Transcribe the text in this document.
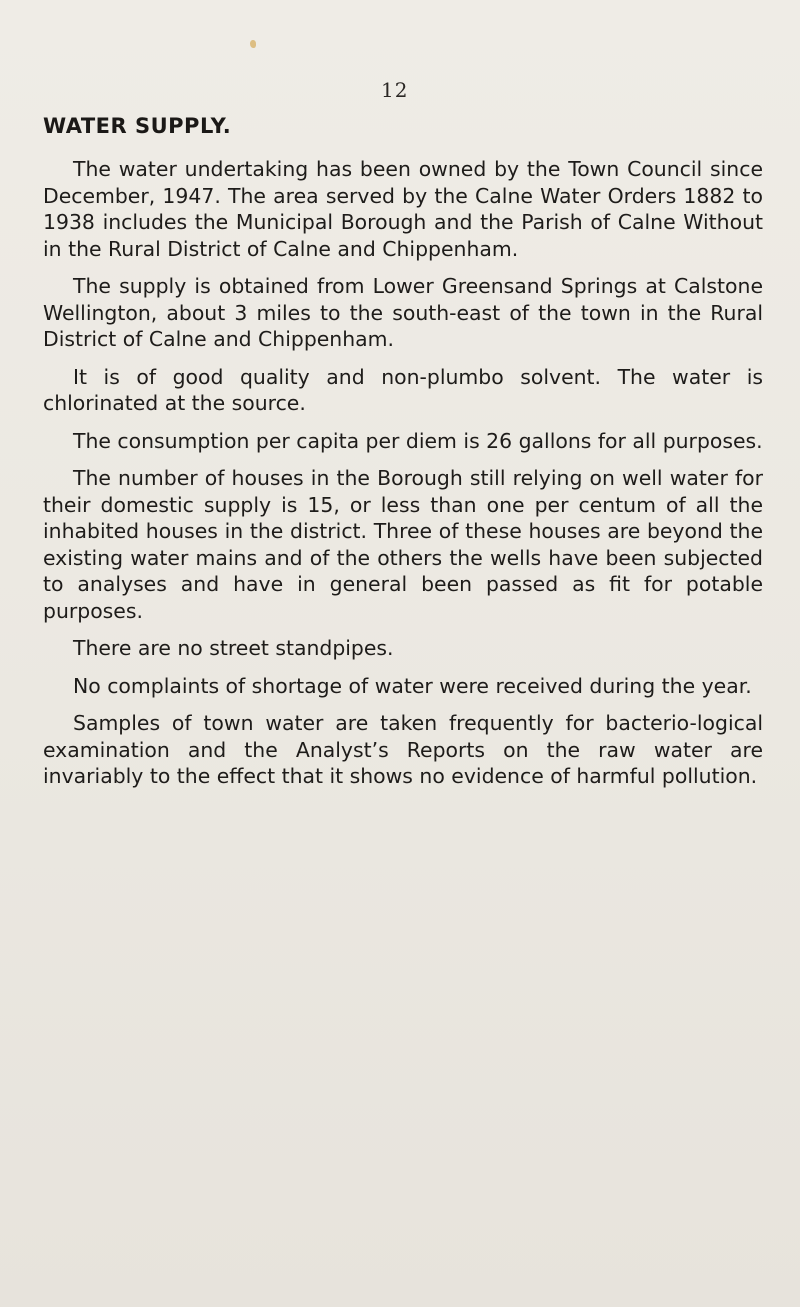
12
WATER SUPPLY.

The water undertaking has been owned by the Town Council since December, 1947. The area served by the Calne Water Orders 1882 to 1938 includes the Municipal Borough and the Parish of Calne Without in the Rural District of Calne and Chippenham.

The supply is obtained from Lower Greensand Springs at Calstone Wellington, about 3 miles to the south-east of the town in the Rural District of Calne and Chippenham.

It is of good quality and non-plumbo solvent. The water is chlorinated at the source.

The consumption per capita per diem is 26 gallons for all purposes.

The number of houses in the Borough still relying on well water for their domestic supply is 15, or less than one per centum of all the inhabited houses in the district. Three of these houses are beyond the existing water mains and of the others the wells have been subjected to analyses and have in general been passed as fit for potable purposes.

There are no street standpipes.

No complaints of shortage of water were received during the year.

Samples of town water are taken frequently for bacterio-logical examination and the Analyst’s Reports on the raw water are invariably to the effect that it shows no evidence of harmful pollution.
